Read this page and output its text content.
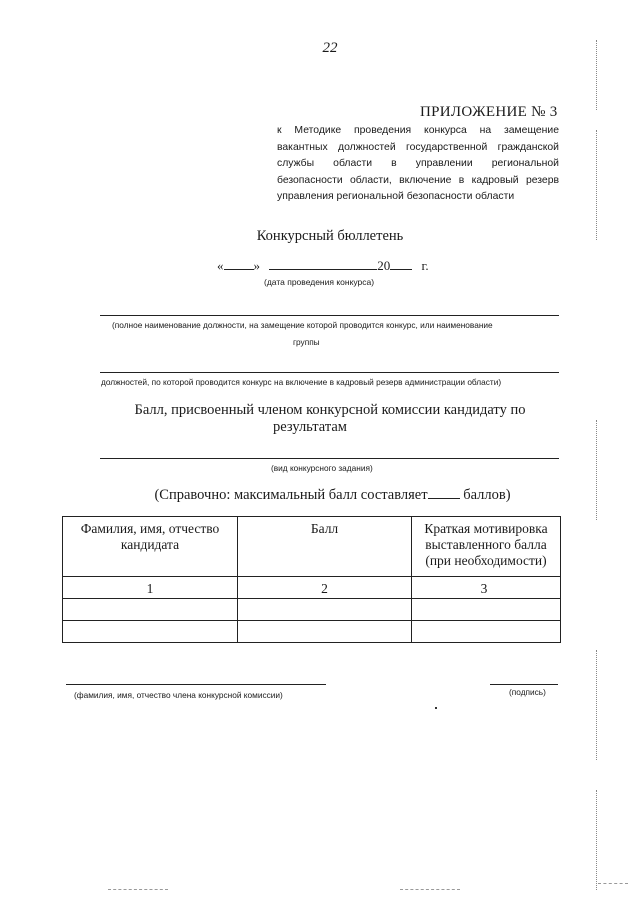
22
ПРИЛОЖЕНИЕ № 3
к Методике проведения конкурса на замещение
вакантных должностей государственной гражданской
службы области в управлении региональной
безопасности области, включение в кадровый резерв
управления региональной безопасности области
Конкурсный бюллетень
« »	20 г.
(дата проведения конкурса)
(полное наименование должности, на замещение которой проводится конкурс, или наименование
группы
должностей, по которой проводится конкурс на включение в кадровый резерв администрации области)
Балл, присвоенный членом конкурсной комиссии кандидату по
результатам
(вид конкурсного задания)
(Справочно: максимальный балл составляет баллов)
Фамилия, имя, отчество кандидата	Балл	Краткая мотивировка выставленного балла (при необходимости)
1	2	3

(фамилия, имя, отчество члена конкурсной комиссии)	(подпись)
